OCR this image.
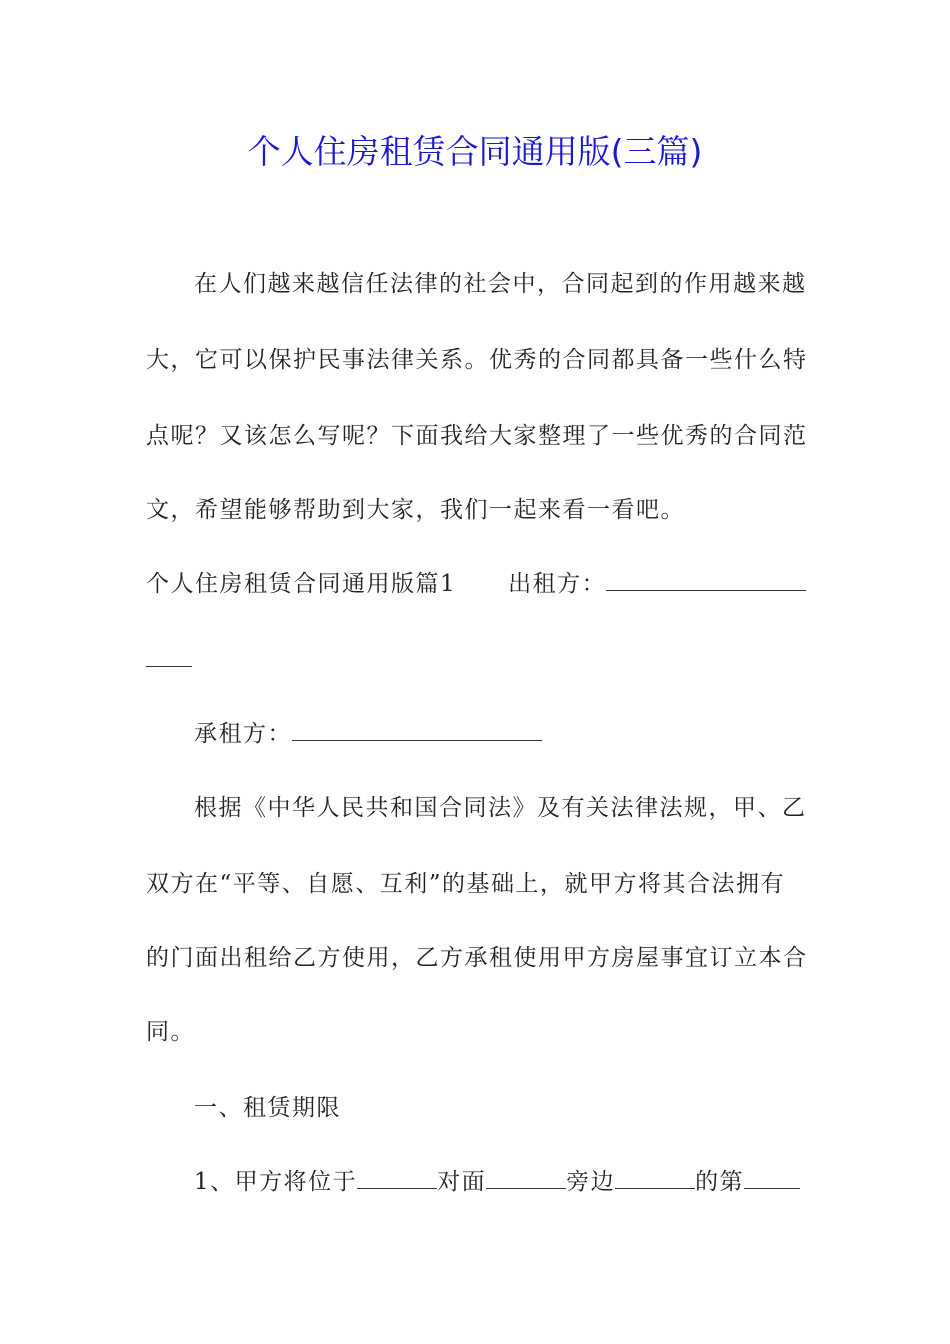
个人住房租赁合同通用版(三篇)

在人们越来越信任法律的社会中，合同起到的作用越来越

大，它可以保护民事法律关系。优秀的合同都具备一些什么特

点呢？又该怎么写呢？下面我给大家整理了一些优秀的合同范

文，希望能够帮助到大家，我们一起来看一看吧。

个人住房租赁合同通用版篇1 出租方：

承租方：

根据《中华人民共和国合同法》及有关法律法规，甲、乙

双方在“平等、自愿、互利”的基础上，就甲方将其合法拥有

的门面出租给乙方使用，乙方承租使用甲方房屋事宜订立本合

同。

一、租赁期限

1、甲方将位于	对面	旁边	的第
